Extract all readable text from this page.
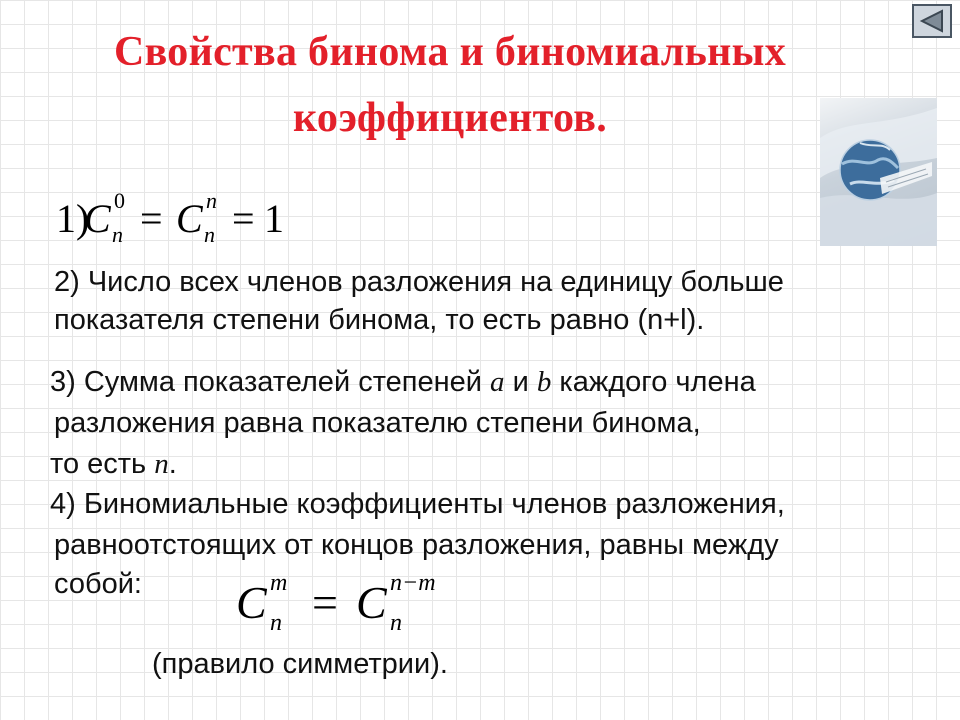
Свойства бинома и биномиальных
коэффициентов.
1)
C 0
n = C n
n = 1
2) Число всех членов разложения на единицу больше
показателя степени бинома, то есть равно (n+l).
3) Сумма показателей степеней a и b каждого члена
разложения равна показателю степени бинома,
то есть n.
4) Биномиальные коэффициенты членов разложения,
равноотстоящих от концов разложения, равны между
собой: C m
n = C n−m
n
(правило симметрии).
